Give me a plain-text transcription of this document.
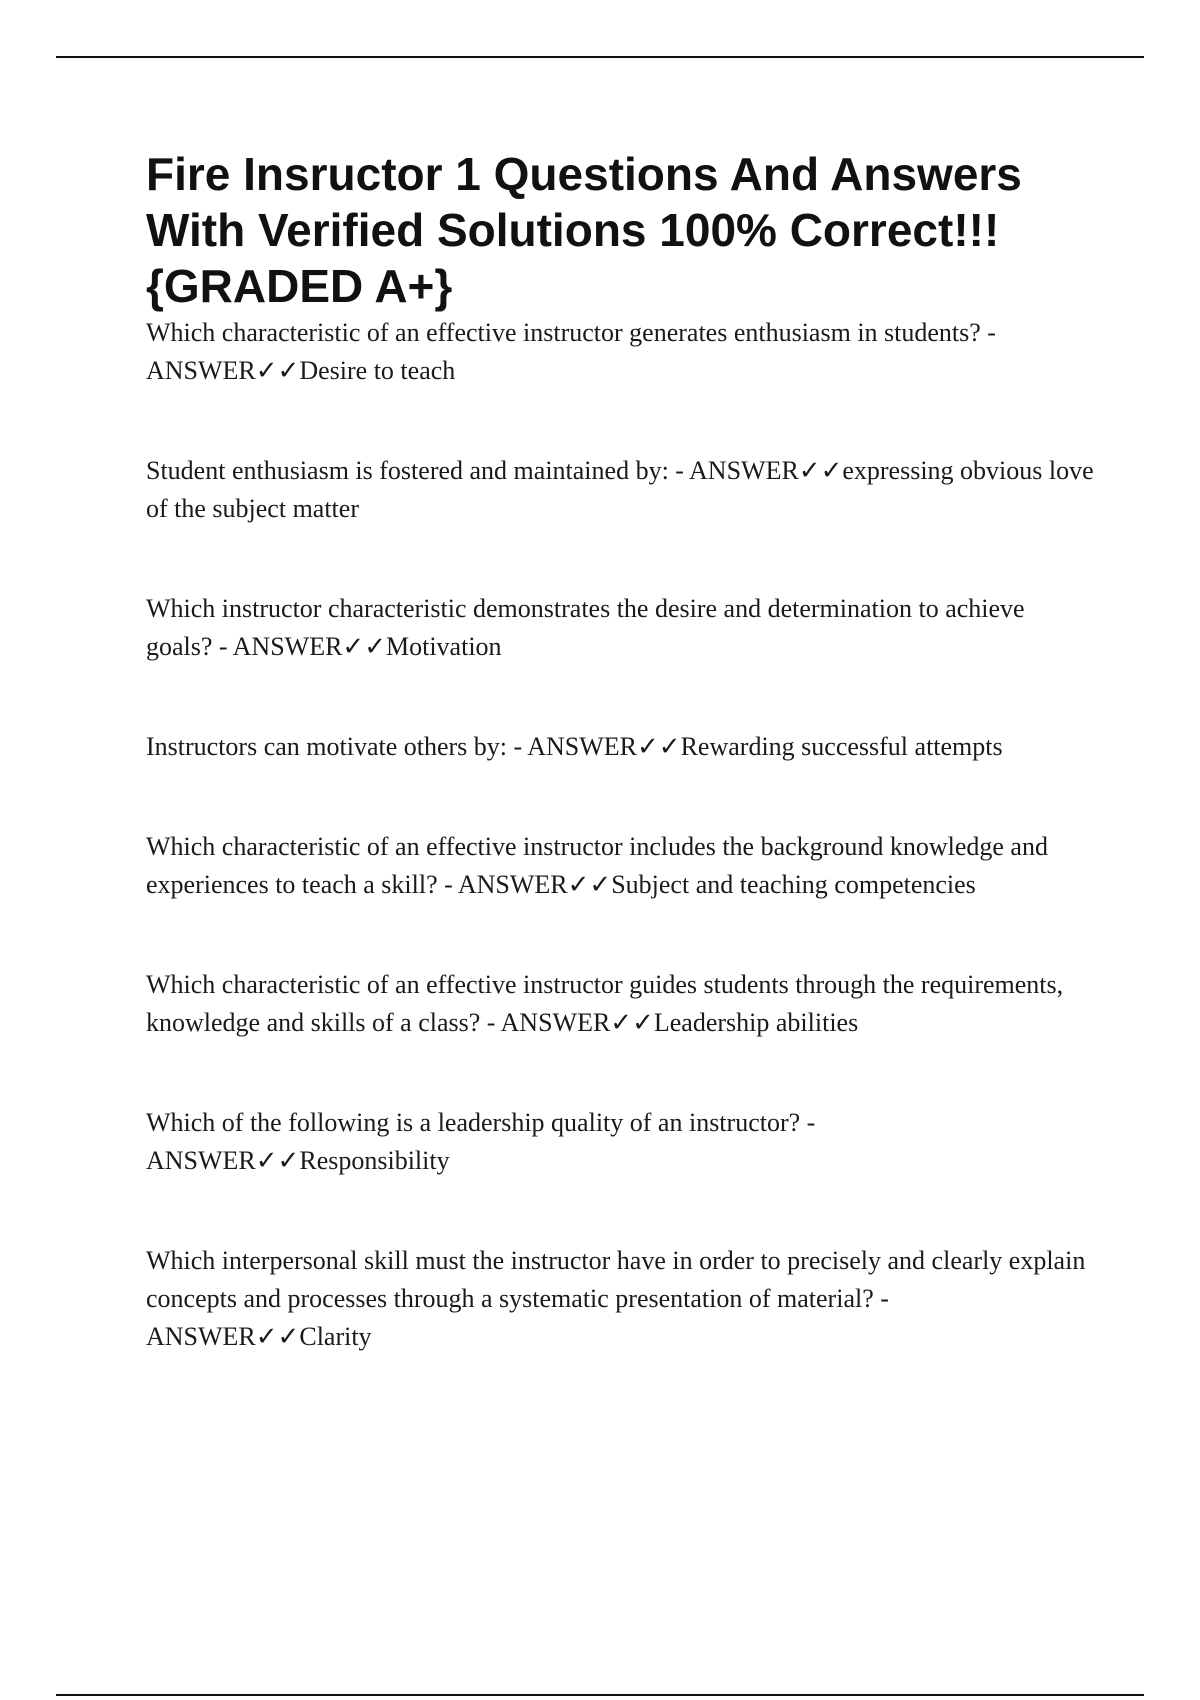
Fire Insructor 1 Questions And Answers With Verified Solutions 100% Correct!!! {GRADED A+}

Which characteristic of an effective instructor generates enthusiasm in students? - ANSWER✓✓Desire to teach

Student enthusiasm is fostered and maintained by: - ANSWER✓✓expressing obvious love of the subject matter

Which instructor characteristic demonstrates the desire and determination to achieve goals? - ANSWER✓✓Motivation

Instructors can motivate others by: - ANSWER✓✓Rewarding successful attempts

Which characteristic of an effective instructor includes the background knowledge and experiences to teach a skill? - ANSWER✓✓Subject and teaching competencies

Which characteristic of an effective instructor guides students through the requirements, knowledge and skills of a class? - ANSWER✓✓Leadership abilities

Which of the following is a leadership quality of an instructor? - ANSWER✓✓Responsibility

Which interpersonal skill must the instructor have in order to precisely and clearly explain concepts and processes through a systematic presentation of material? - ANSWER✓✓Clarity
